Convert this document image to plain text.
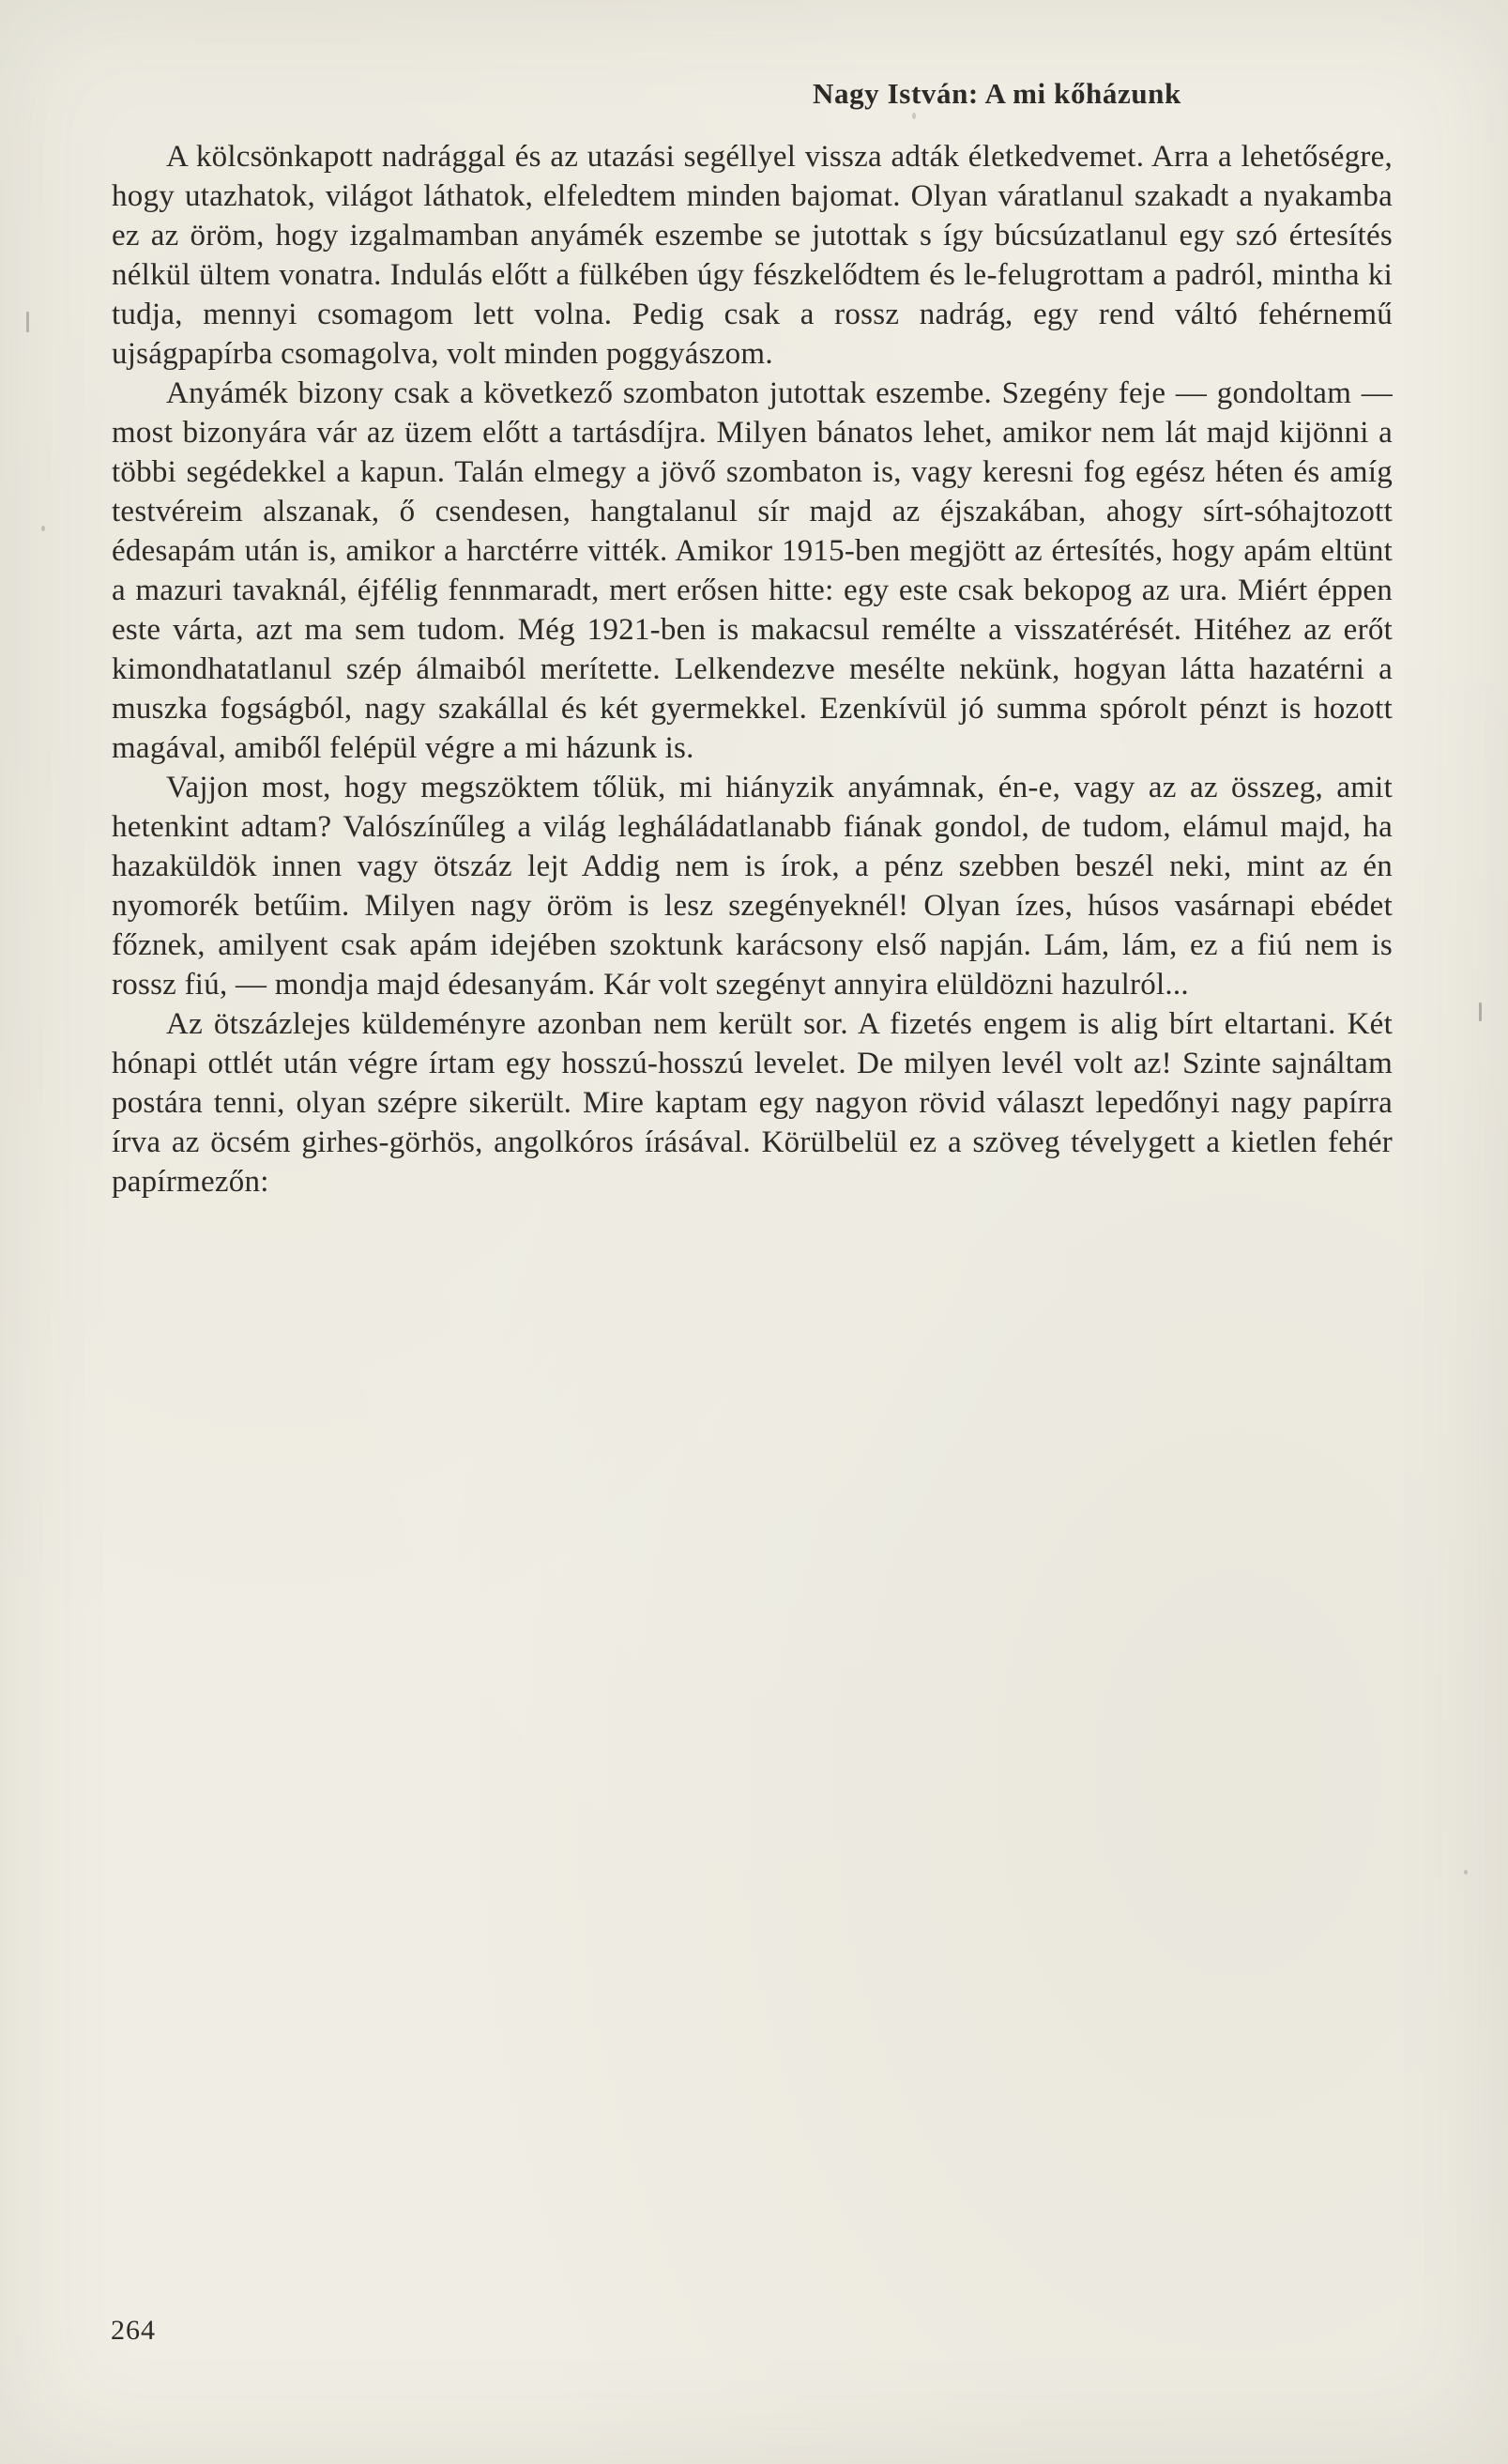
Nagy István: A mi kőházunk

A kölcsönkapott nadrággal és az utazási segéllyel vissza adták életkedvemet. Arra a lehetőségre, hogy utazhatok, világot láthatok, elfeledtem minden bajomat. Olyan váratlanul szakadt a nyakamba ez az öröm, hogy izgalmamban anyámék eszembe se jutottak s így búcsúzatlanul egy szó értesítés nélkül ültem vonatra. Indulás előtt a fülkében úgy fészkelődtem és le-felugrottam a padról, mintha ki tudja, mennyi csomagom lett volna. Pedig csak a rossz nadrág, egy rend váltó fehérnemű ujságpapírba csomagolva, volt minden poggyászom.

Anyámék bizony csak a következő szombaton jutottak eszembe. Szegény feje — gondoltam — most bizonyára vár az üzem előtt a tartásdíjra. Milyen bánatos lehet, amikor nem lát majd kijönni a többi segédekkel a kapun. Talán elmegy a jövő szombaton is, vagy keresni fog egész héten és amíg testvéreim alszanak, ő csendesen, hangtalanul sír majd az éjszakában, ahogy sírt-sóhajtozott édesapám után is, amikor a harctérre vitték. Amikor 1915-ben megjött az értesítés, hogy apám eltünt a mazuri tavaknál, éjfélig fennmaradt, mert erősen hitte: egy este csak bekopog az ura. Miért éppen este várta, azt ma sem tudom. Még 1921-ben is makacsul remélte a visszatérését. Hitéhez az erőt kimondhatatlanul szép álmaiból merítette. Lelkendezve mesélte nekünk, hogyan látta hazatérni a muszka fogságból, nagy szakállal és két gyermekkel. Ezenkívül jó summa spórolt pénzt is hozott magával, amiből felépül végre a mi házunk is.

Vajjon most, hogy megszöktem tőlük, mi hiányzik anyámnak, én-e, vagy az az összeg, amit hetenkint adtam? Valószínűleg a világ legháládatlanabb fiának gondol, de tudom, elámul majd, ha hazaküldök innen vagy ötszáz lejt Addig nem is írok, a pénz szebben beszél neki, mint az én nyomorék betűim. Milyen nagy öröm is lesz szegényeknél! Olyan ízes, húsos vasárnapi ebédet főznek, amilyent csak apám idejében szoktunk karácsony első napján. Lám, lám, ez a fiú nem is rossz fiú, — mondja majd édesanyám. Kár volt szegényt annyira elüldözni hazulról...

Az ötszázlejes küldeményre azonban nem került sor. A fizetés engem is alig bírt eltartani. Két hónapi ottlét után végre írtam egy hosszú-hosszú levelet. De milyen levél volt az! Szinte sajnáltam postára tenni, olyan szépre sikerült. Mire kaptam egy nagyon rövid választ lepedőnyi nagy papírra írva az öcsém girhes-görhös, angolkóros írásával. Körülbelül ez a szöveg tévelygett a kietlen fehér papírmezőn:

264
